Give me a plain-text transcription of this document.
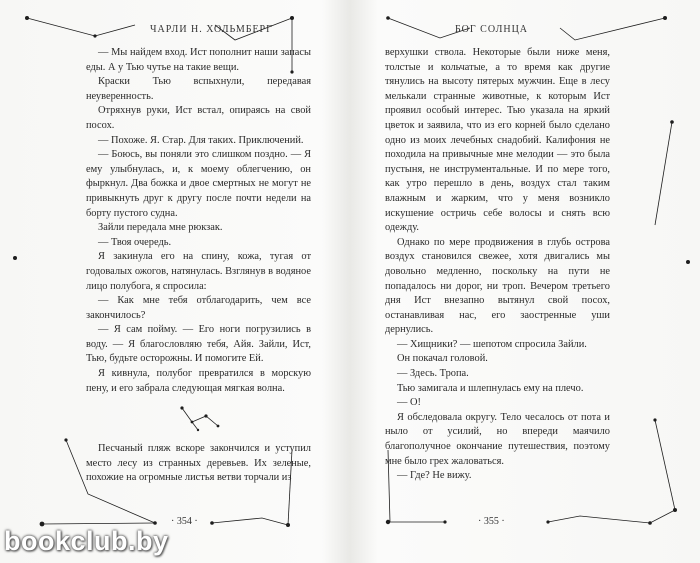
ЧАРЛИ Н. ХОЛЬМБЕРГ	БОГ СОЛНЦА

— Мы найдем вход. Ист пополнит наши запасы еды. А у Тью чутье на такие вещи.

Краски Тью вспыхнули, передавая неуверенность.

Отряхнув руки, Ист встал, опираясь на свой посох.

— Похоже. Я. Стар. Для таких. Приключений.

— Боюсь, вы поняли это слишком поздно. — Я ему улыбнулась, и, к моему облегчению, он фыркнул. Два божка и двое смертных не могут не привыкнуть друг к другу после почти недели на борту пустого судна.

Зайли передала мне рюкзак.

— Твоя очередь.

Я закинула его на спину, кожа, тугая от годовалых ожогов, натянулась. Взглянув в водяное лицо полубога, я спросила:

— Как мне тебя отблагодарить, чем все закончилось?

— Я сам пойму. — Его ноги погрузились в воду. — Я благословляю тебя, Айя. Зайли, Ист, Тью, будьте осторожны. И помогите Ей.

Я кивнула, полубог превратился в морскую пену, и его забрала следующая мягкая волна.

Песчаный пляж вскоре закончился и уступил место лесу из странных деревьев. Их зеленые, похожие на огромные листья ветви торчали из

верхушки ствола. Некоторые были ниже меня, толстые и кольчатые, а то время как другие тянулись на высоту пятерых мужчин. Еще в лесу мелькали странные животные, к которым Ист проявил особый интерес. Тью указала на яркий цветок и заявила, что из его корней было сделано одно из моих лечебных снадобий. Калифония не походила на привычные мне мелодии — это была пустыня, не инструментальные. И по мере того, как утро перешло в день, воздух стал таким влажным и жарким, что у меня возникло искушение остричь себе волосы и снять всю одежду.

Однако по мере продвижения в глубь острова воздух становился свежее, хотя двигались мы довольно медленно, поскольку на пути не попадалось ни дорог, ни троп. Вечером третьего дня Ист внезапно вытянул свой посох, останавливая нас, его заостренные уши дернулись.

— Хищники? — шепотом спросила Зайли.

Он покачал головой.

— Здесь. Тропа.

Тью замигала и шлепнулась ему на плечо.

— О!

Я обследовала округу. Тело чесалось от пота и ныло от усилий, но впереди маячило благополучное окончание путешествия, поэтому мне было грех жаловаться.

— Где? Не вижу.

· 354 ·	· 355 ·
bookclub.by
